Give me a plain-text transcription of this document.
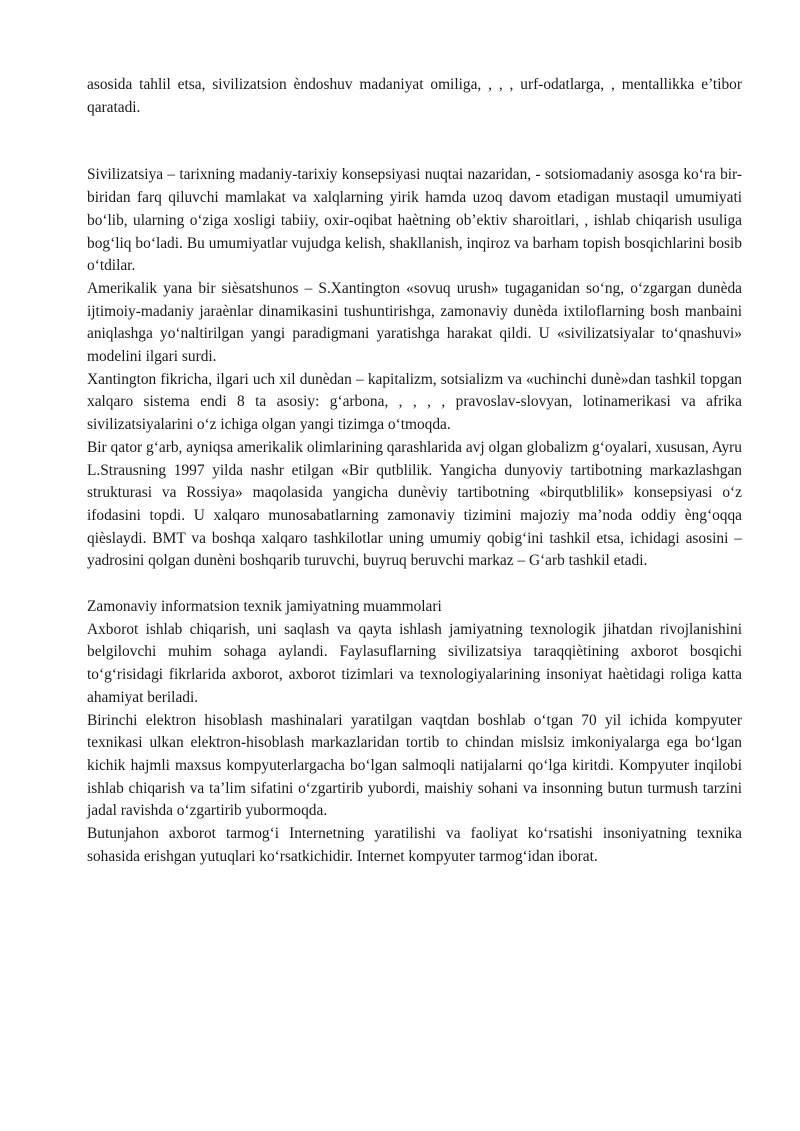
asosida tahlil etsa, sivilizatsion èndoshuv madaniyat omiliga, , , , urf-odatlarga, , mentallikka e’tibor qaratadi.

Sivilizatsiya – tarixning madaniy-tarixiy konsepsiyasi nuqtai nazaridan, - sotsiomadaniy asosga ko‘ra bir-biridan farq qiluvchi mamlakat va xalqlarning yirik hamda uzoq davom etadigan mustaqil umumiyati bo‘lib, ularning o‘ziga xosligi tabiiy, oxir-oqibat haètning ob’ektiv sharoitlari, , ishlab chiqarish usuliga bog‘liq bo‘ladi. Bu umumiyatlar vujudga kelish, shakllanish, inqiroz va barham topish bosqichlarini bosib o‘tdilar.

Amerikalik yana bir sièsatshunos – S.Xantington «sovuq urush» tugaganidan so‘ng, o‘zgargan dunèda ijtimoiy-madaniy jaraènlar dinamikasini tushuntirishga, zamonaviy dunèda ixtiloflarning bosh manbaini aniqlashga yo‘naltirilgan yangi paradigmani yaratishga harakat qildi. U «sivilizatsiyalar to‘qnashuvi» modelini ilgari surdi.

Xantington fikricha, ilgari uch xil dunèdan – kapitalizm, sotsializm va «uchinchi dunè»dan tashkil topgan xalqaro sistema endi 8 ta asosiy: g‘arbona, , , , , pravoslav-slovyan, lotinamerikasi va afrika sivilizatsiyalarini o‘z ichiga olgan yangi tizimga o‘tmoqda.

Bir qator g‘arb, ayniqsa amerikalik olimlarining qarashlarida avj olgan globalizm g‘oyalari, xususan, Ayru L.Strausning 1997 yilda nashr etilgan «Bir qutblilik. Yangicha dunyoviy tartibotning markazlashgan strukturasi va Rossiya» maqolasida yangicha dunèviy tartibotning «birqutblilik» konsepsiyasi o‘z ifodasini topdi. U xalqaro munosabatlarning zamonaviy tizimini majoziy ma’noda oddiy èng‘oqqa qièslaydi. BMT va boshqa xalqaro tashkilotlar uning umumiy qobig‘ini tashkil etsa, ichidagi asosini – yadrosini qolgan dunèni boshqarib turuvchi, buyruq beruvchi markaz – G‘arb tashkil etadi.

Zamonaviy informatsion texnik jamiyatning muammolari

Axborot ishlab chiqarish, uni saqlash va qayta ishlash jamiyatning texnologik jihatdan rivojlanishini belgilovchi muhim sohaga aylandi. Faylasuflarning sivilizatsiya taraqqiètining axborot bosqichi to‘g‘risidagi fikrlarida axborot, axborot tizimlari va texnologiyalarining insoniyat haètidagi roliga katta ahamiyat beriladi.

Birinchi elektron hisoblash mashinalari yaratilgan vaqtdan boshlab o‘tgan 70 yil ichida kompyuter texnikasi ulkan elektron-hisoblash markazlaridan tortib to chindan mislsiz imkoniyalarga ega bo‘lgan kichik hajmli maxsus kompyuterlargacha bo‘lgan salmoqli natijalarni qo‘lga kiritdi. Kompyuter inqilobi ishlab chiqarish va ta’lim sifatini o‘zgartirib yubordi, maishiy sohani va insonning butun turmush tarzini jadal ravishda o‘zgartirib yubormoqda.

Butunjahon axborot tarmog‘i Internetning yaratilishi va faoliyat ko‘rsatishi insoniyatning texnika sohasida erishgan yutuqlari ko‘rsatkichidir. Internet kompyuter tarmog‘idan iborat.
